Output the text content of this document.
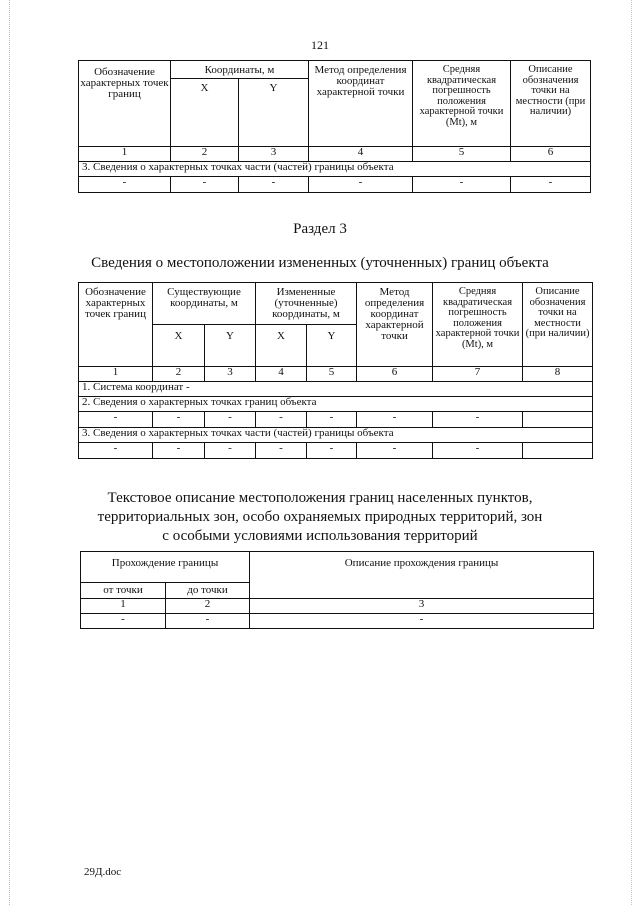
121
Обозначение характерных точек границ	Координаты, м		Метод определения координат характерной точки	Средняя квадратическая погрешность положения характерной точки (Mt), м	Описание обозначения точки на местности (при наличии)
	X	Y			
1	2	3	4	5	6
3. Сведения о характерных точках части (частей) границы объекта					
-	-	-	-	-	-
Раздел 3
Сведения о местоположении измененных (уточненных) границ объекта
Обозначение характерных точек границ	Существующие координаты, м		Измененные (уточненные) координаты, м		Метод определения координат характерной точки	Средняя квадратическая погрешность положения характерной точки (Mt), м	Описание обозначения точки на местности (при наличии)
	X	Y	X	Y			
1	2	3	4	5	6	7	8
1. Система координат -							
2. Сведения о характерных точках границ объекта							
-	-	-	-	-	-	-	
3. Сведения о характерных точках части (частей) границы объекта							
-	-	-	-	-	-	-	
Текстовое описание местоположения границ населенных пунктов,
территориальных зон, особо охраняемых природных территорий, зон
с особыми условиями использования территорий
Прохождение границы		Описание прохождения границы
от точки	до точки	
1	2	3
-	-	-
29Д.doc
